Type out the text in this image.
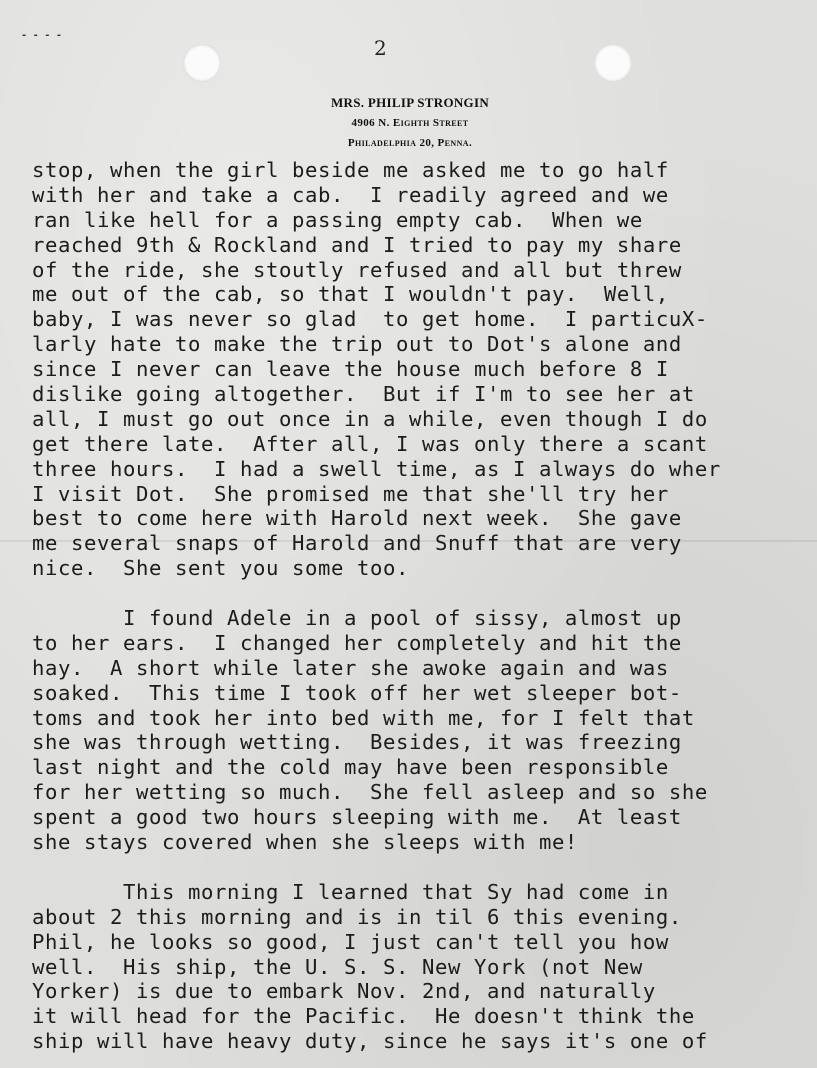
- - - -
2
MRS. PHILIP STRONGIN
4906 N. Eighth Street
Philadelphia 20, Penna.
stop, when the girl beside me asked me to go half
with her and take a cab.  I readily agreed and we
ran like hell for a passing empty cab.  When we
reached 9th & Rockland and I tried to pay my share
of the ride, she stoutly refused and all but threw
me out of the cab, so that I wouldn't pay.  Well,
baby, I was never so glad  to get home.  I particuX-
larly hate to make the trip out to Dot's alone and
since I never can leave the house much before 8 I
dislike going altogether.  But if I'm to see her at
all, I must go out once in a while, even though I do
get there late.  After all, I was only there a scant
three hours.  I had a swell time, as I always do wher
I visit Dot.  She promised me that she'll try her
best to come here with Harold next week.  She gave
me several snaps of Harold and Snuff that are very
nice.  She sent you some too.
I found Adele in a pool of sissy, almost up
to her ears.  I changed her completely and hit the
hay.  A short while later she awoke again and was
soaked.  This time I took off her wet sleeper bot-
toms and took her into bed with me, for I felt that
she was through wetting.  Besides, it was freezing
last night and the cold may have been responsible
for her wetting so much.  She fell asleep and so she
spent a good two hours sleeping with me.  At least
she stays covered when she sleeps with me!
This morning I learned that Sy had come in
about 2 this morning and is in til 6 this evening.
Phil, he looks so good, I just can't tell you how
well.  His ship, the U. S. S. New York (not New
Yorker) is due to embark Nov. 2nd, and naturally
it will head for the Pacific.  He doesn't think the
ship will have heavy duty, since he says it's one of
